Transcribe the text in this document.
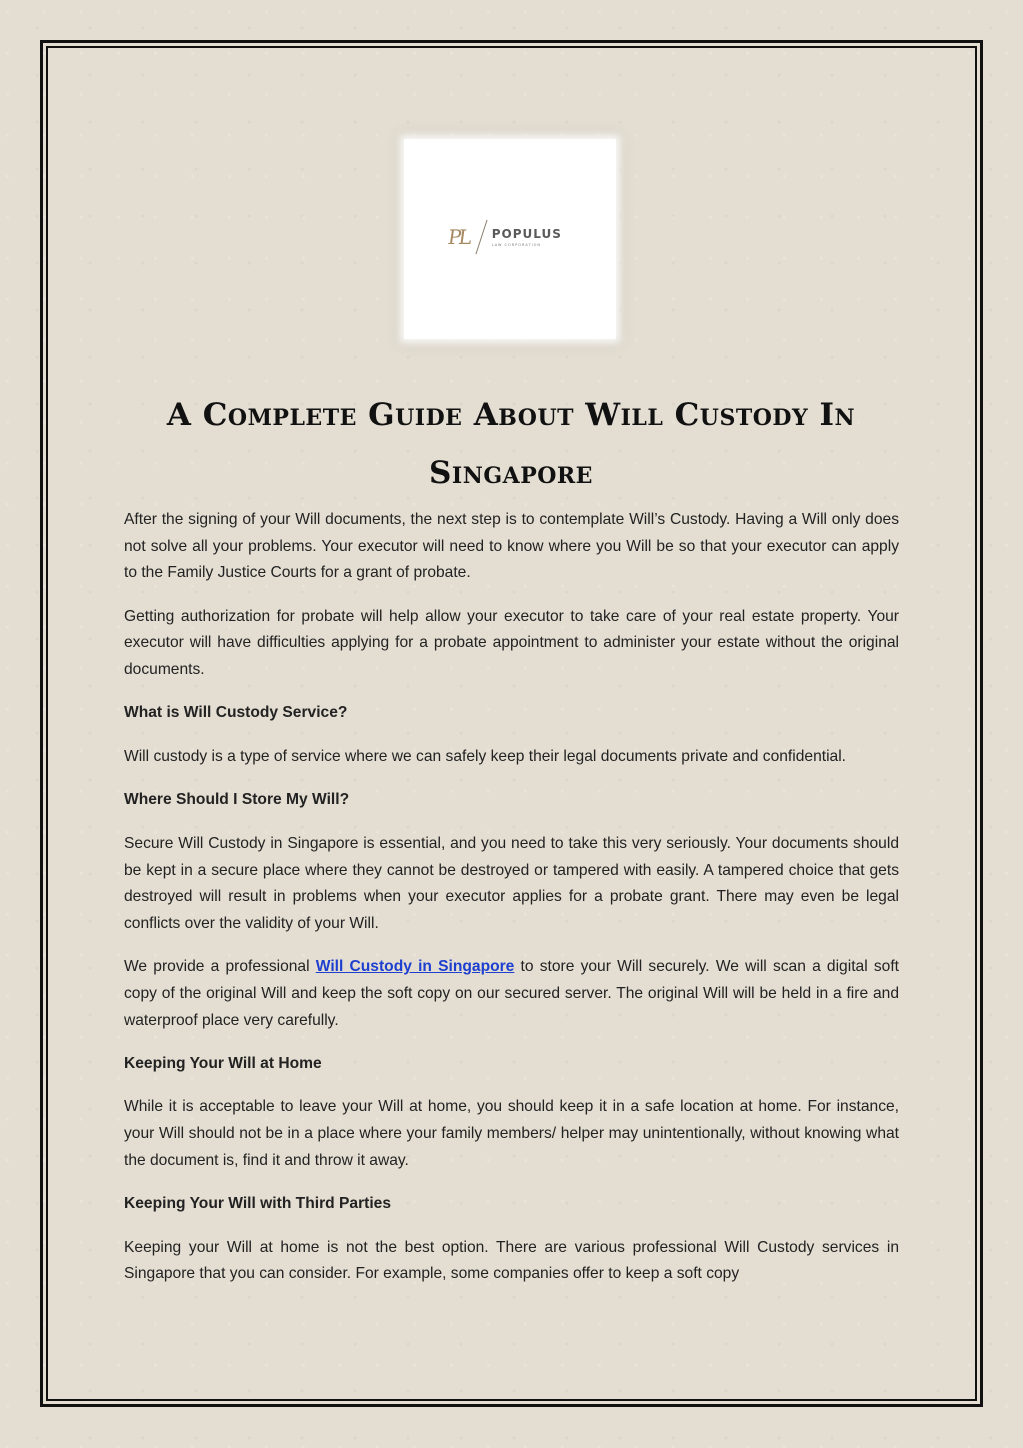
PL POPULUS
LAW CORPORATION
A Complete Guide About Will Custody In
Singapore

After the signing of your Will documents, the next step is to contemplate Will’s Custody. Having a Will only does not solve all your problems. Your executor will need to know where you Will be so that your executor can apply to the Family Justice Courts for a grant of probate.

Getting authorization for probate will help allow your executor to take care of your real estate property. Your executor will have difficulties applying for a probate appointment to administer your estate without the original documents.

What is Will Custody Service?

Will custody is a type of service where we can safely keep their legal documents private and confidential.

Where Should I Store My Will?

Secure Will Custody in Singapore is essential, and you need to take this very seriously. Your documents should be kept in a secure place where they cannot be destroyed or tampered with easily. A tampered choice that gets destroyed will result in problems when your executor applies for a probate grant. There may even be legal conflicts over the validity of your Will.

We provide a professional Will Custody in Singapore to store your Will securely. We will scan a digital soft copy of the original Will and keep the soft copy on our secured server. The original Will will be held in a fire and waterproof place very carefully.

Keeping Your Will at Home

While it is acceptable to leave your Will at home, you should keep it in a safe location at home. For instance, your Will should not be in a place where your family members/ helper may unintentionally, without knowing what the document is, find it and throw it away.

Keeping Your Will with Third Parties

Keeping your Will at home is not the best option. There are various professional Will Custody services in Singapore that you can consider. For example, some companies offer to keep a soft copy
